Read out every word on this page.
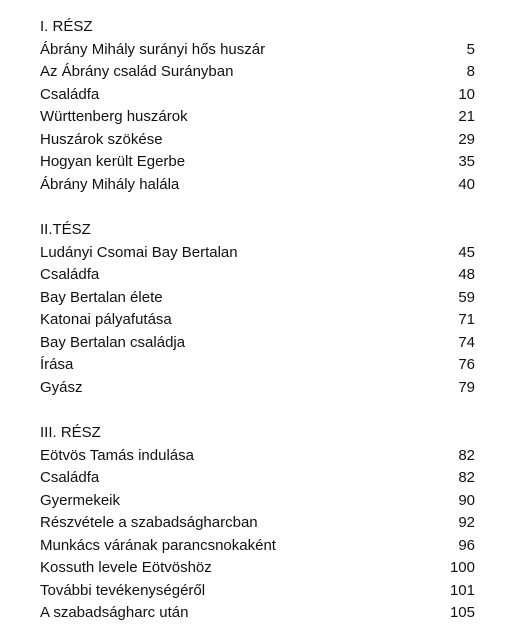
I. RÉSZ
Ábrány Mihály surányi hős huszár	5
Az Ábrány család Surányban	8
Családfa	10
Württenberg huszárok	21
Huszárok szökése	29
Hogyan került Egerbe	35
Ábrány Mihály halála	40
II.TÉSZ
Ludányi Csomai Bay Bertalan	45
Családfa	48
Bay Bertalan élete	59
Katonai pályafutása	71
Bay Bertalan családja	74
Írása	76
Gyász	79
III. RÉSZ
Eötvös Tamás indulása	82
Családfa	82
Gyermekeik	90
Részvétele a szabadságharcban	92
Munkács várának parancsnokaként	96
Kossuth levele Eötvöshöz	100
További tevékenységéről	101
A szabadságharc után	105
